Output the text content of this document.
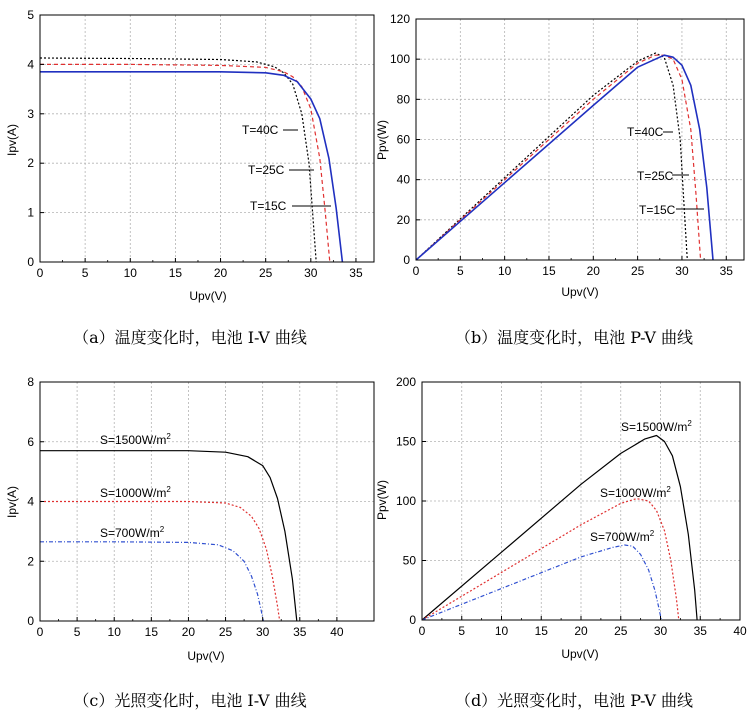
T=40C
T=25C
T=15C
0	5	10	15	20	25	30	35
0
1
2
3
4
5
Upv(V)
Ipv(A)
（a）温度变化时，电池 I-V 曲线
T=40C
T=25C
T=15C
0	5	10	15	20	25	30	35
0
20
40
60
80
100
120
Upv(V)
Ppv(W)
（b）温度变化时，电池 P-V 曲线
$S=1500W/m^2$
$S=1000W/m^2$
$S=700W/m^2$
0	5 10 15 20 25 30 35 40
0
2
4
6
8
Upv(V)
Ipv(A)
（c）光照变化时，电池 I-V 曲线
$S=1500W/m^2$
$S=1000W/m^2$
$S=700W/m^2$
0	5 10 15 20 25 30 35 40
0
50
100
150
200
Upv(V)
Ppv(W)
（d）光照变化时，电池 P-V 曲线
